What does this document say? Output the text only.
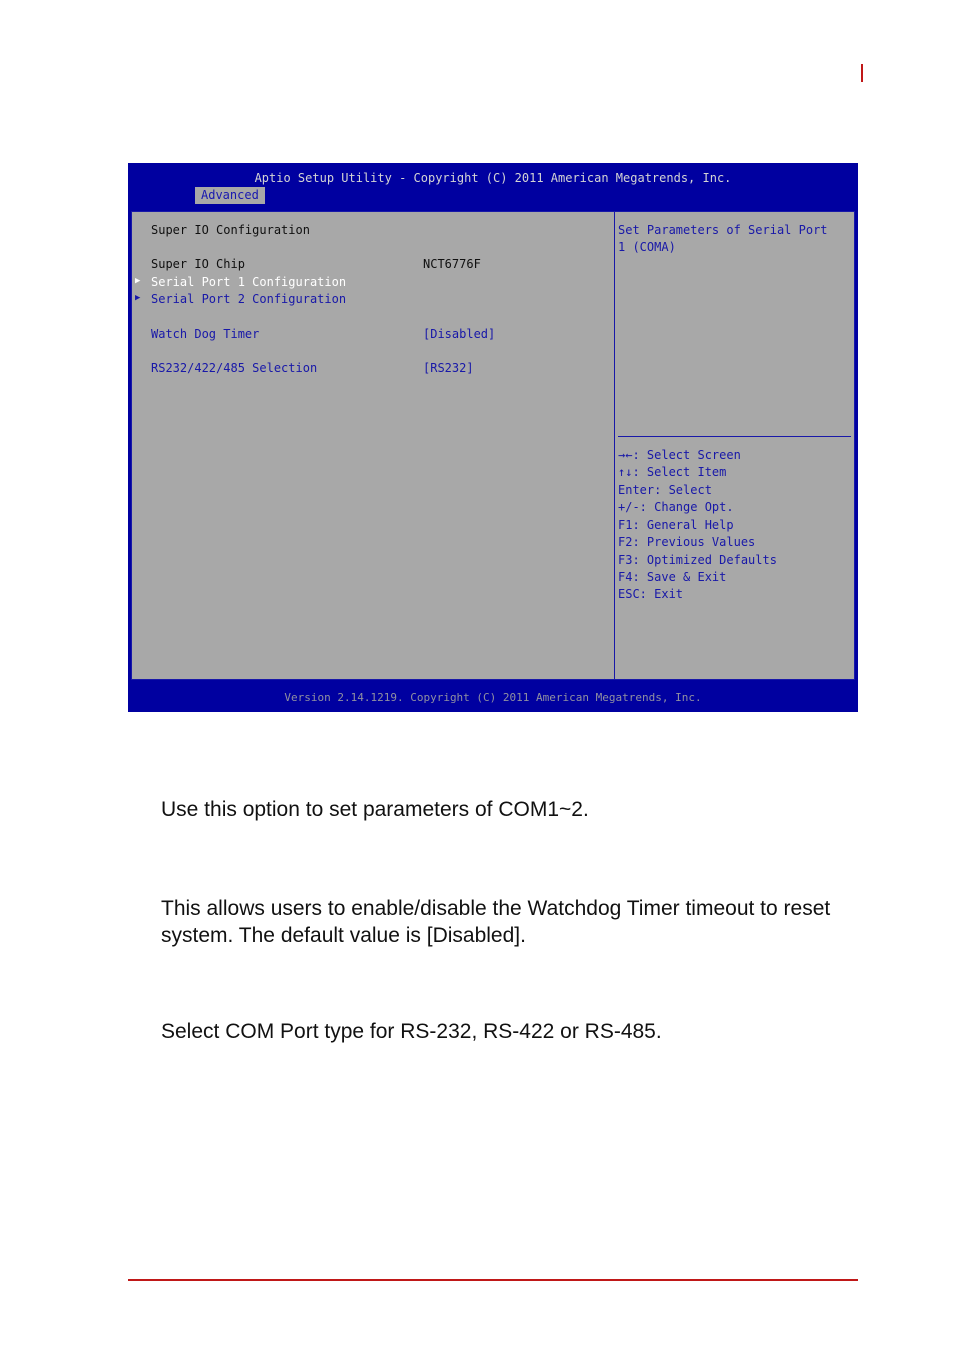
Aptio Setup Utility - Copyright (C) 2011 American Megatrends, Inc.
Advanced
Super IO Configuration
Super IO Chip	NCT6776F
▶ Serial Port 1 Configuration
▶ Serial Port 2 Configuration
Watch Dog Timer	[Disabled]
RS232/422/485 Selection	[RS232]
Set Parameters of Serial Port
1 (COMA)
→←: Select Screen
↑↓: Select Item
Enter: Select
+/-: Change Opt.
F1: General Help
F2: Previous Values
F3: Optimized Defaults
F4: Save & Exit
ESC: Exit
Version 2.14.1219. Copyright (C) 2011 American Megatrends, Inc.
Use this option to set parameters of COM1~2.
This allows users to enable/disable the Watchdog Timer timeout to reset system. The default value is [Disabled].
Select COM Port type for RS-232, RS-422 or RS-485.
